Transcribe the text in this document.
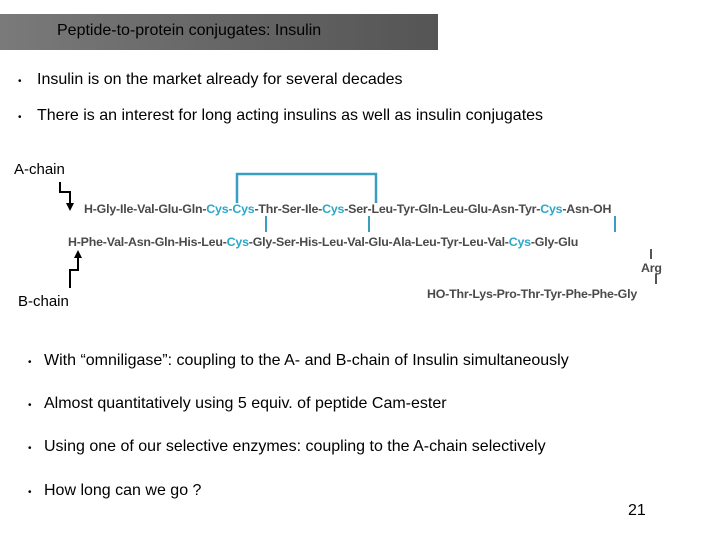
Peptide-to-protein conjugates: Insulin
• Insulin is on the market already for several decades
• There is an interest for long acting insulins as well as insulin conjugates
A-chain
B-chain
H-Gly-Ile-Val-Glu-Gln-Cys-Cys-Thr-Ser-Ile-Cys-Ser-Leu-Tyr-Gln-Leu-Glu-Asn-Tyr-Cys-Asn-OH
H-Phe-Val-Asn-Gln-His-Leu-Cys-Gly-Ser-His-Leu-Val-Glu-Ala-Leu-Tyr-Leu-Val-Cys-Gly-Glu
Arg
HO-Thr-Lys-Pro-Thr-Tyr-Phe-Phe-Gly
• With “omniligase”: coupling to the A- and B-chain of Insulin simultaneously
• Almost quantitatively using 5 equiv. of peptide Cam-ester
• Using one of our selective enzymes: coupling to the A-chain selectively
• How long can we go ?
21
